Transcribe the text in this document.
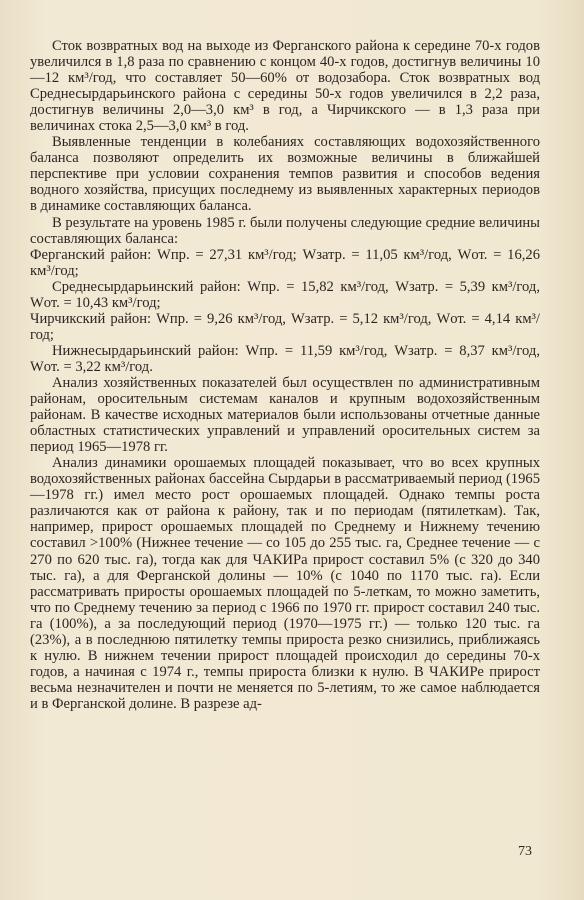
Сток возвратных вод на выходе из Ферганского района к середине 70-х годов увеличился в 1,8 раза по сравнению с концом 40-х годов, достигнув величины 10—12 км³/год, что составляет 50—60% от водозабора. Сток возвратных вод Среднесырдарьинского района с середины 50-х годов увеличился в 2,2 раза, достигнув величины 2,0—3,0 км³ в год, а Чирчикского — в 1,3 раза при величинах стока 2,5—3,0 км³ в год.

Выявленные тенденции в колебаниях составляющих водохозяйственного баланса позволяют определить их возможные величины в ближайшей перспективе при условии сохранения темпов развития и способов ведения водного хозяйства, присущих последнему из выявленных характерных периодов в динамике составляющих баланса.

В результате на уровень 1985 г. были получены следующие средние величины составляющих баланса:

Ферганский район: Wпр. = 27,31 км³/год; Wзатр. = 11,05 км³/год, Wот. = 16,26 км³/год;

Среднесырдарьинский район: Wпр. = 15,82 км³/год, Wзатр. = 5,39 км³/год, Wот. = 10,43 км³/год;

Чирчикский район: Wпр. = 9,26 км³/год, Wзатр. = 5,12 км³/год, Wот. = 4,14 км³/год;

Нижнесырдарьинский район: Wпр. = 11,59 км³/год, Wзатр. = 8,37 км³/год, Wот. = 3,22 км³/год.

Анализ хозяйственных показателей был осуществлен по административным районам, оросительным системам каналов и крупным водохозяйственным районам. В качестве исходных материалов были использованы отчетные данные областных статистических управлений и управлений оросительных систем за период 1965—1978 гг.

Анализ динамики орошаемых площадей показывает, что во всех крупных водохозяйственных районах бассейна Сырдарьи в рассматриваемый период (1965—1978 гг.) имел место рост орошаемых площадей. Однако темпы роста различаются как от района к району, так и по периодам (пятилеткам). Так, например, прирост орошаемых площадей по Среднему и Нижнему течению составил >100% (Нижнее течение — со 105 до 255 тыс. га, Среднее течение — с 270 по 620 тыс. га), тогда как для ЧАКИРа прирост составил 5% (с 320 до 340 тыс. га), а для Ферганской долины — 10% (с 1040 по 1170 тыс. га). Если рассматривать приросты орошаемых площадей по 5-леткам, то можно заметить, что по Среднему течению за период с 1966 по 1970 гг. прирост составил 240 тыс. га (100%), а за последующий период (1970—1975 гг.) — только 120 тыс. га (23%), а в последнюю пятилетку темпы прироста резко снизились, приближаясь к нулю. В нижнем течении прирост площадей происходил до середины 70-х годов, а начиная с 1974 г., темпы прироста близки к нулю. В ЧАКИРе прирост весьма незначителен и почти не меняется по 5-летиям, то же самое наблюдается и в Ферганской долине. В разрезе ад-

73
